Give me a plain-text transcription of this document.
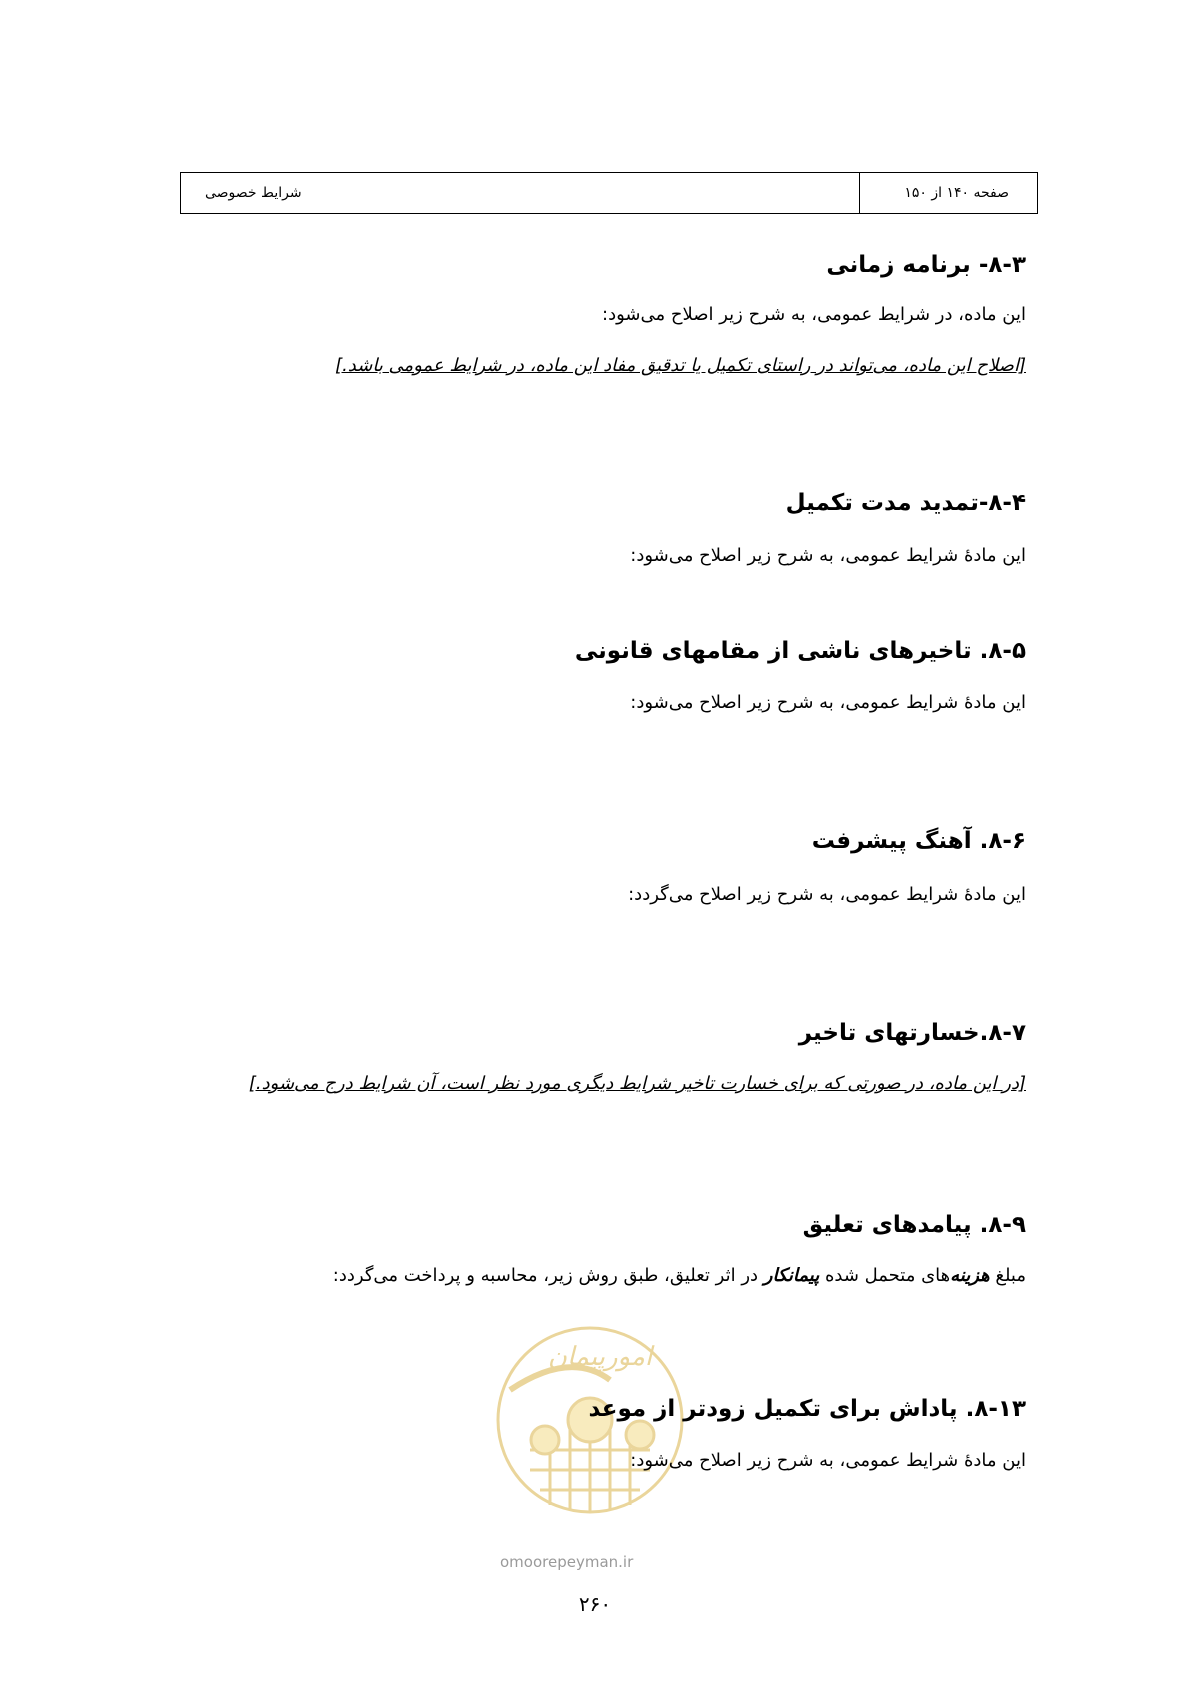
صفحه ۱۴۰ از ۱۵۰
شرایط خصوصی
۸-۳- برنامه زمانی
این ماده، در شرایط عمومی، به شرح زیر اصلاح می‌شود:
[اصلاح این ماده، می‌تواند در راستای تکمیل یا تدقیق مفاد این ماده، در شرایط عمومی باشد.]
۸-۴-تمدید مدت تکمیل
این مادهٔ شرایط عمومی، به شرح زیر اصلاح می‌شود:
۸-۵. تاخیرهای ناشی از مقامهای قانونی
این مادهٔ شرایط عمومی، به شرح زیر اصلاح می‌شود:
۸-۶. آهنگ پیشرفت
این مادهٔ شرایط عمومی، به شرح زیر اصلاح می‌گردد:
۸-۷.خسارتهای تاخیر
[در این ماده، در صورتی که برای خسارت تاخیر شرایط دیگری مورد نظر است، آن شرایط درج می‌شود.]
۸-۹. پیامدهای تعلیق
مبلغ هزینه‌های متحمل شده پیمانکار در اثر تعلیق، طبق روش زیر، محاسبه و پرداخت می‌گردد:
امورپیمان
omoorepeyman.ir
۸-۱۳. پاداش برای تکمیل زودتر از موعد
این مادهٔ شرایط عمومی، به شرح زیر اصلاح می‌شود:
۲۶۰
